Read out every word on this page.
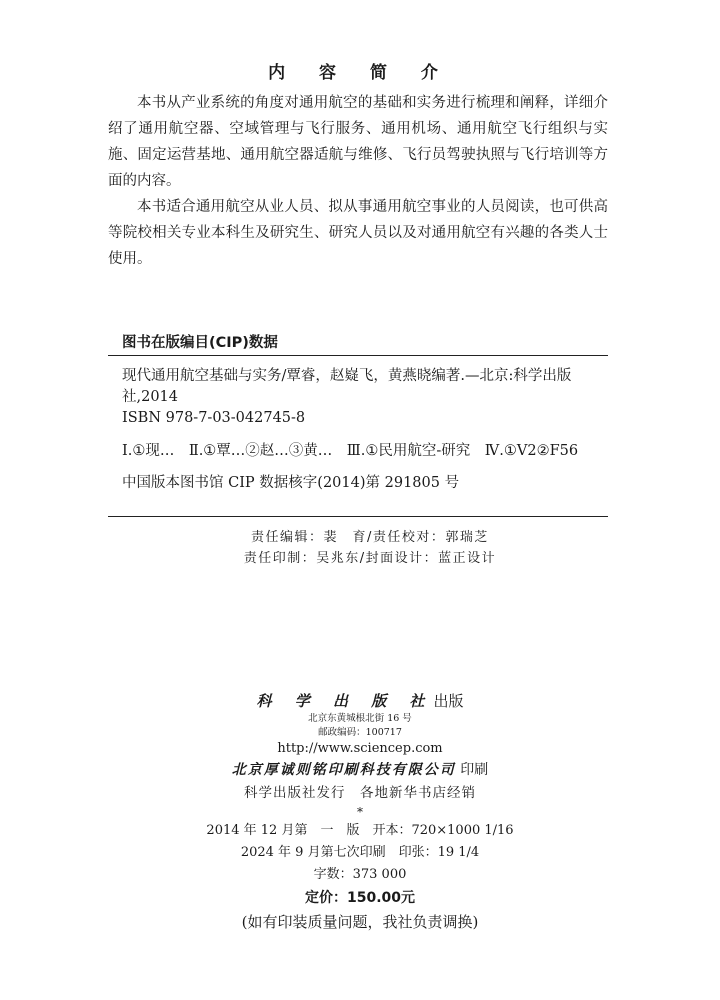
内 容 简 介

本书从产业系统的角度对通用航空的基础和实务进行梳理和阐释，详细介绍了通用航空器、空域管理与飞行服务、通用机场、通用航空飞行组织与实施、固定运营基地、通用航空器适航与维修、飞行员驾驶执照与飞行培训等方面的内容。

本书适合通用航空从业人员、拟从事通用航空事业的人员阅读，也可供高等院校相关专业本科生及研究生、研究人员以及对通用航空有兴趣的各类人士使用。

图书在版编目(CIP)数据

现代通用航空基础与实务/覃睿，赵嶷飞，黄燕晓编著.—北京:科学出版社,2014

ISBN 978-7-03-042745-8

Ⅰ.①现…　Ⅱ.①覃…②赵…③黄…　Ⅲ.①民用航空-研究　Ⅳ.①V2②F56

中国版本图书馆 CIP 数据核字(2014)第 291805 号

责任编辑：裴　育/责任校对：郭瑞芝
责任印制：吴兆东/封面设计：蓝正设计
科 学 出 版 社出版
北京东黄城根北街 16 号
邮政编码：100717
http://www.sciencep.com
北京厚诚则铭印刷科技有限公司 印刷
科学出版社发行　各地新华书店经销
*
2014 年 12 月第　一　版　开本：720×1000 1/16
2024 年 9 月第七次印刷　印张：19 1/4
字数：373 000
定价：150.00元
(如有印装质量问题，我社负责调换)
